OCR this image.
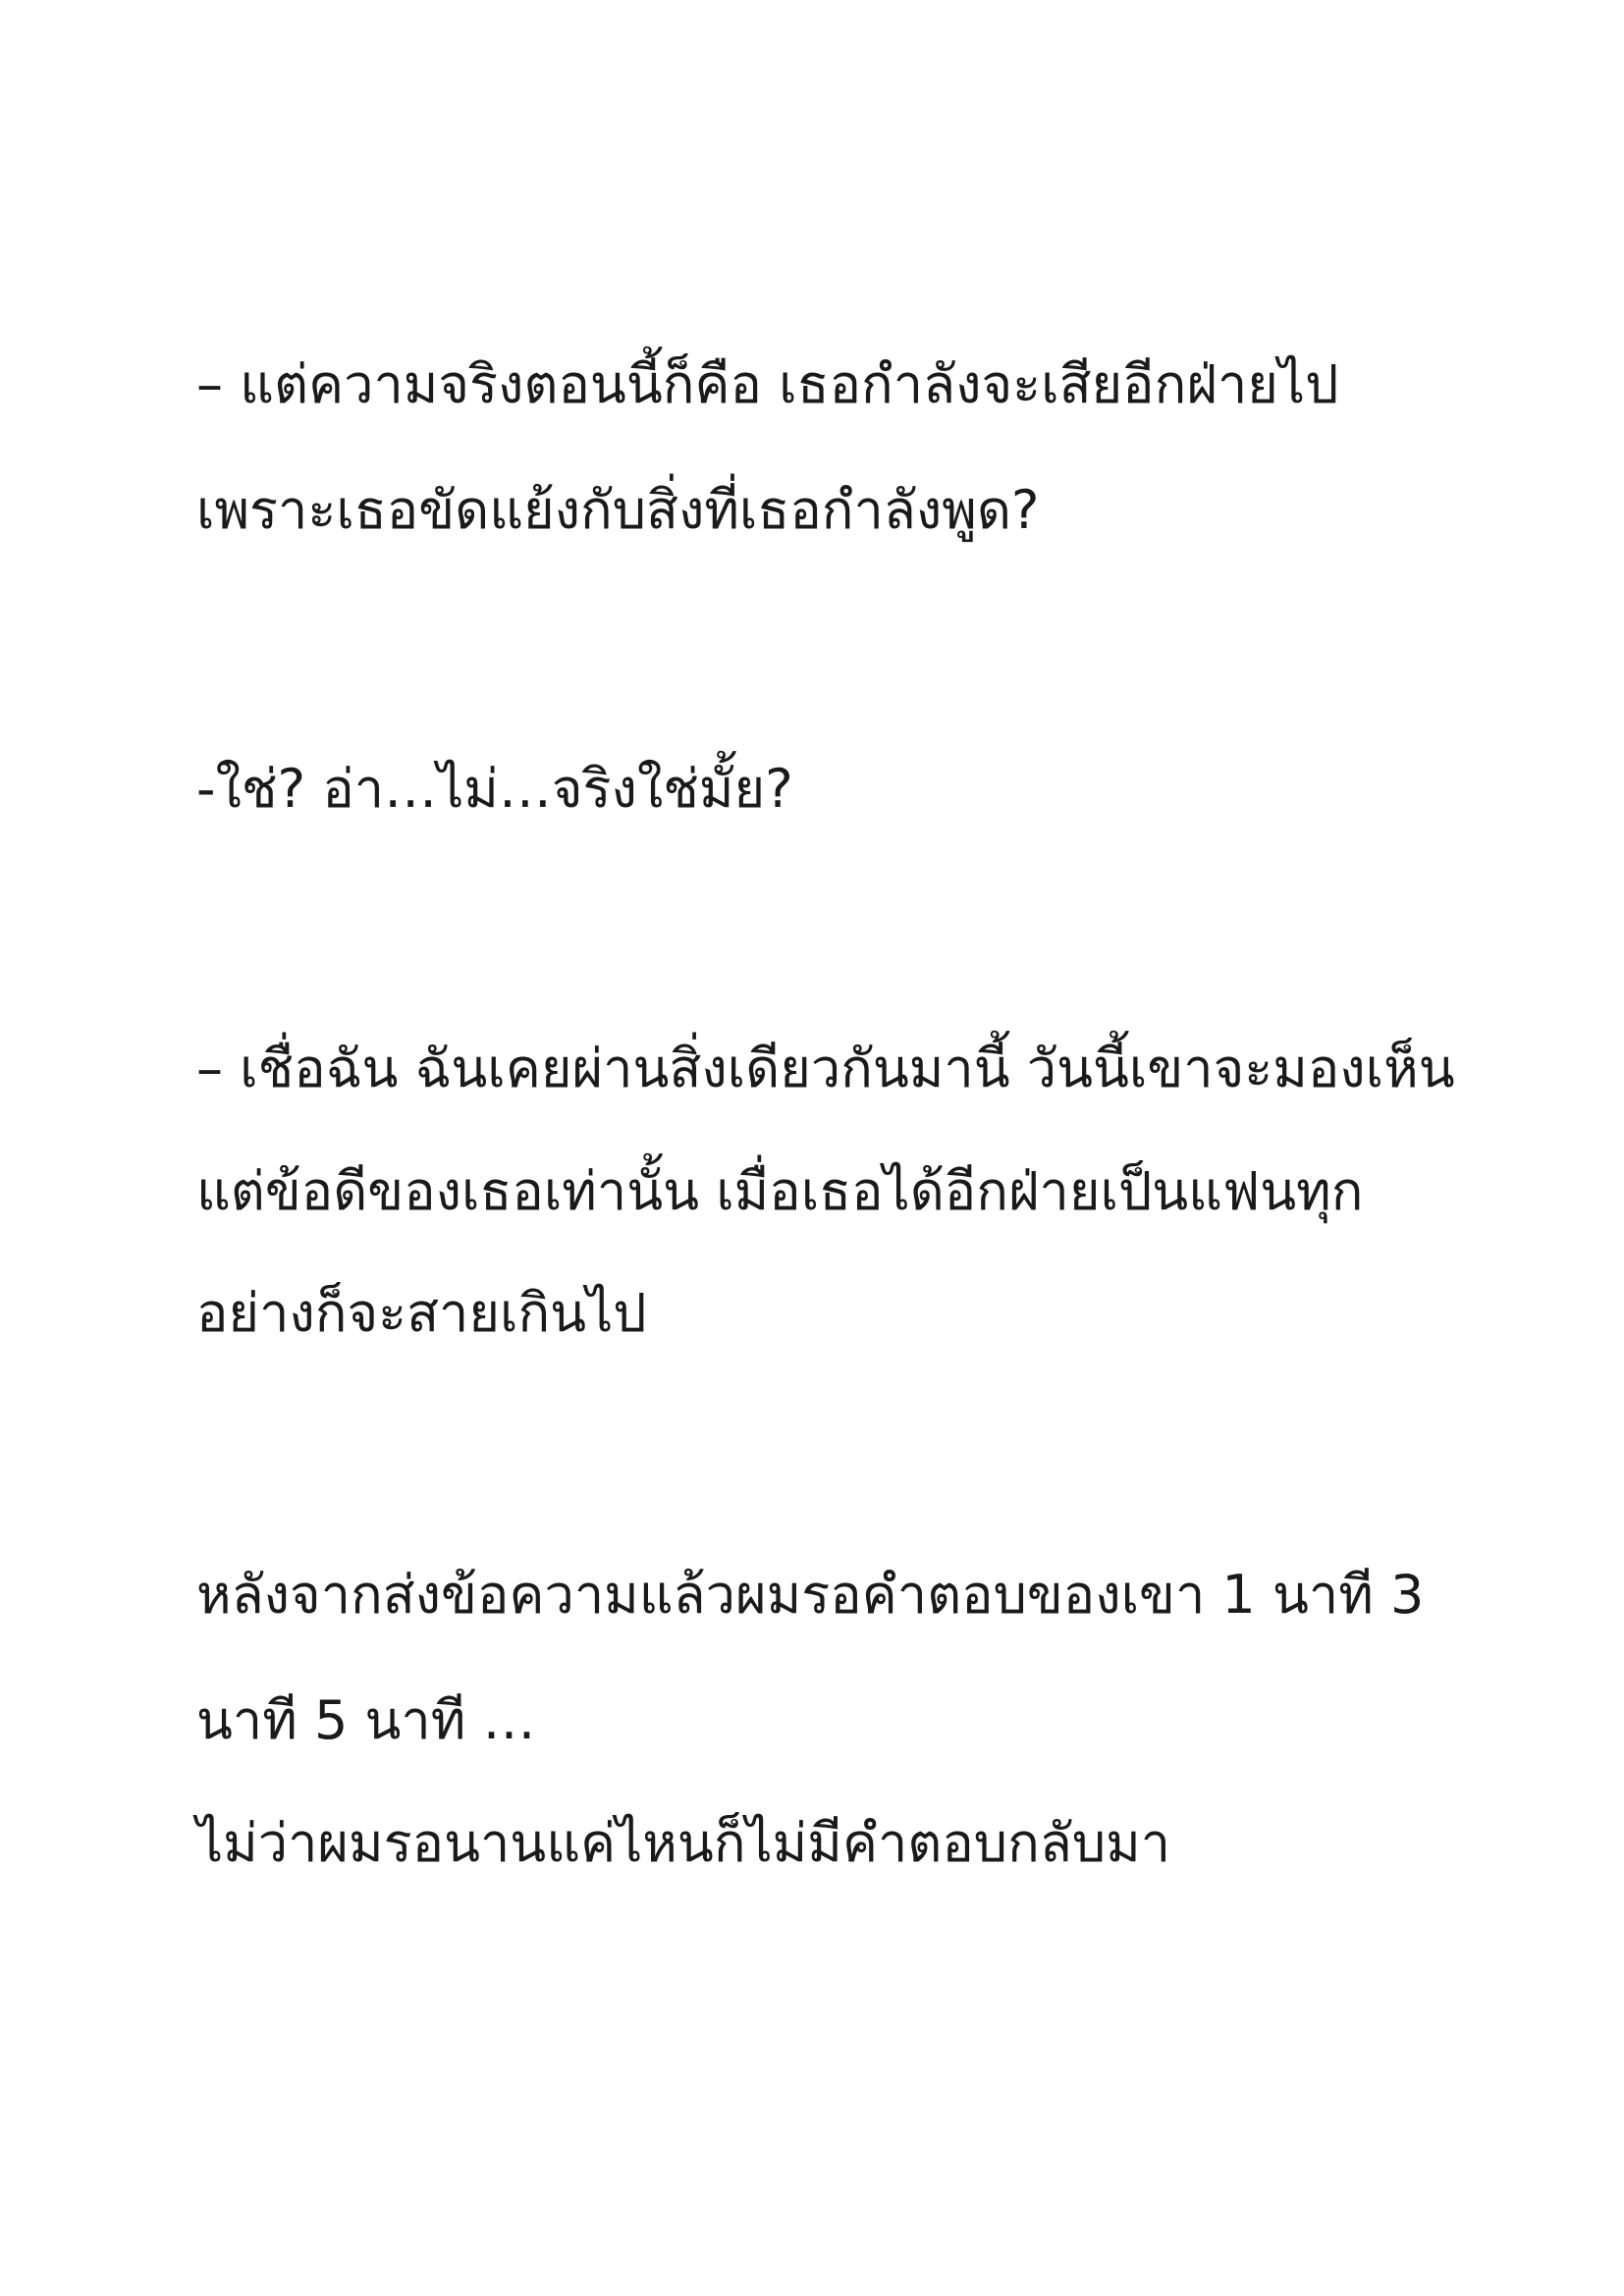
– แต่ความจริงตอนนี้ก็คือ เธอกำลังจะเสียอีกฝ่ายไป

เพราะเธอขัดแย้งกับสิ่งที่เธอกำลังพูด?

-ใช่? อ่า…ไม่…จริงใช่มั้ย?

– เชื่อฉัน ฉันเคยผ่านสิ่งเดียวกันมานี้ วันนี้เขาจะมองเห็น

แต่ข้อดีของเธอเท่านั้น เมื่อเธอได้อีกฝ่ายเป็นแฟนทุก

อย่างก็จะสายเกินไป

หลังจากส่งข้อความแล้วผมรอคำตอบของเขา 1 นาที 3

นาที 5 นาที …

ไม่ว่าผมรอนานแค่ไหนก็ไม่มีคำตอบกลับมา
